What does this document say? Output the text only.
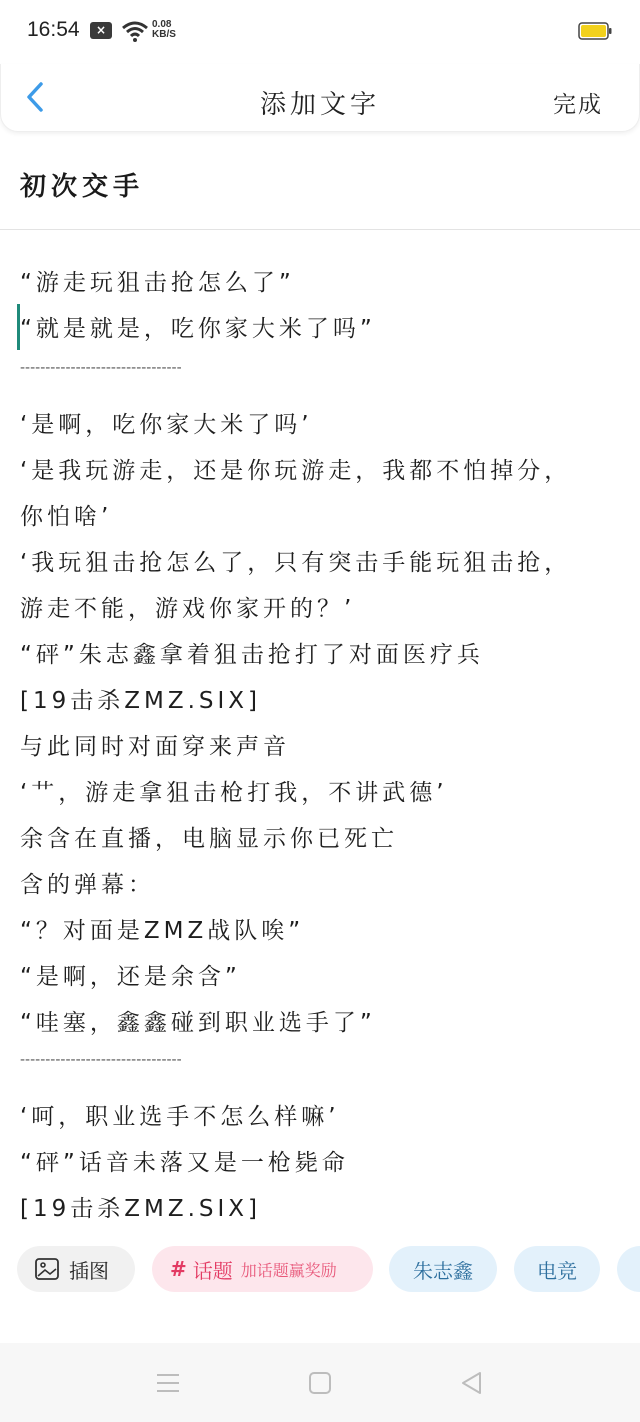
16:54	×	0.08
KB/S
添加文字	完成
初次交手
“游走玩狙击抢怎么了”
“就是就是，吃你家大米了吗”
--------------------------------
‘是啊，吃你家大米了吗’
‘是我玩游走，还是你玩游走，我都不怕掉分，
你怕啥’
‘我玩狙击抢怎么了，只有突击手能玩狙击抢，
游走不能，游戏你家开的？’
“砰”朱志鑫拿着狙击抢打了对面医疗兵
[19击杀ZMZ.SIX]
与此同时对面穿来声音
‘艹，游走拿狙击枪打我，不讲武德’
余含在直播，电脑显示你已死亡
含的弹幕：
“？对面是ZMZ战队唉”
“是啊，还是余含”
“哇塞，鑫鑫碰到职业选手了”
--------------------------------
‘呵，职业选手不怎么样嘛’
“砰”话音未落又是一枪毙命
[19击杀ZMZ.SIX]
插图	# 话题 加话题赢奖励	朱志鑫	电竞
